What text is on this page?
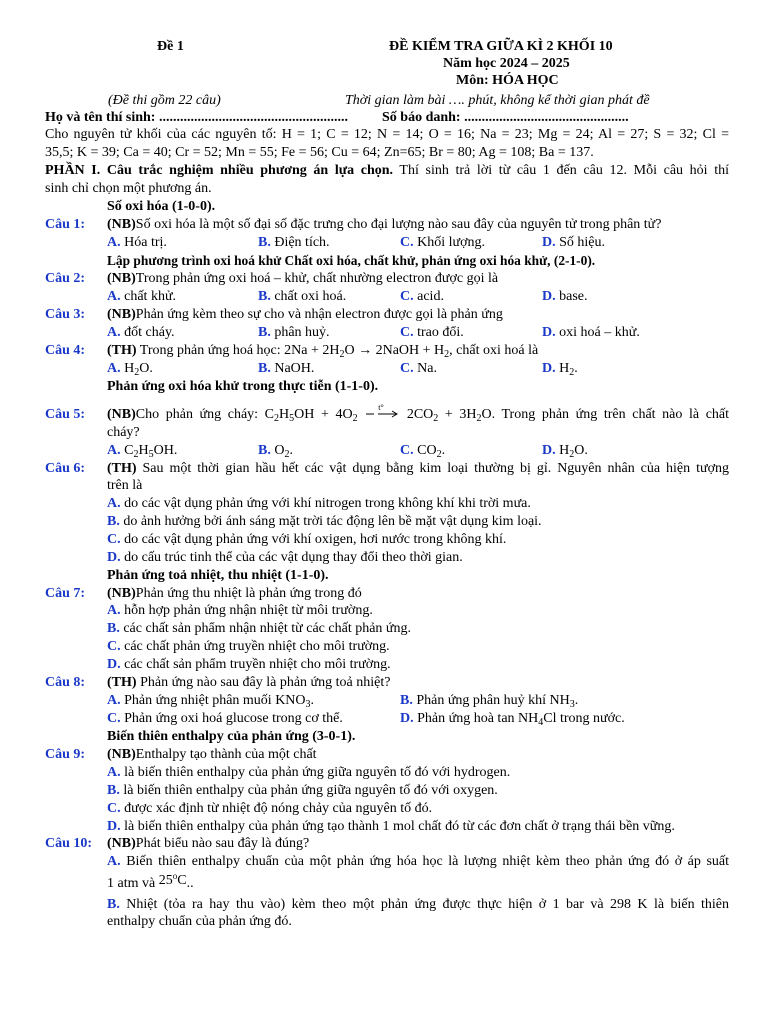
Đề 1	ĐỀ KIỂM TRA GIỮA KÌ 2 KHỐI 10
Năm học 2024 – 2025
Môn: HÓA HỌC
(Đề thi gồm 22 câu)	Thời gian làm bài …. phút, không kể thời gian phát đề
Họ và tên thí sinh: ...................................................... Số báo danh: ...............................................
Cho nguyên tử khối của các nguyên tố: H = 1; C = 12; N = 14; O = 16; Na = 23; Mg = 24; Al = 27; S = 32; Cl =
35,5; K = 39; Ca = 40; Cr = 52; Mn = 55; Fe = 56; Cu = 64; Zn=65; Br = 80; Ag = 108; Ba = 137.
PHẦN I. Câu trắc nghiệm nhiều phương án lựa chọn. Thí sinh trả lời từ câu 1 đến câu 12. Mỗi câu hỏi thí
sinh chỉ chọn một phương án.
Số oxi hóa (1-0-0).
Câu 1: (NB)Số oxi hóa là một số đại số đặc trưng cho đại lượng nào sau đây của nguyên tử trong phân tử?
A. Hóa trị.	B. Điện tích.	C. Khối lượng.	D. Số hiệu.
Lập phương trình oxi hoá khử Chất oxi hóa, chất khử, phản ứng oxi hóa khử, (2-1-0).
Câu 2: (NB)Trong phản ứng oxi hoá – khử, chất nhường electron được gọi là
A. chất khử.	B. chất oxi hoá.	C. acid.	D. base.
Câu 3: (NB)Phản ứng kèm theo sự cho và nhận electron được gọi là phản ứng
A. đốt cháy.	B. phân huỷ.	C. trao đổi.	D. oxi hoá – khử.
Câu 4: (TH) Trong phản ứng hoá học: $2Na + 2H_2O$ → 2NaOH + $H_2$, chất oxi hoá là
A. $H_2O$.	B. NaOH.	C. Na.	D. $H_2$.
Phản ứng oxi hóa khử trong thực tiễn (1-1-0).
Câu 5: (NB)Cho phản ứng cháy: $C_2H_5OH + 4O_2$
t° $2CO_2 + 3H_2O$. Trong phản ứng trên chất nào là chất
cháy?
A. $C_2H_5OH$.	B. $O_2$.	C. $CO_2$.	D. $H_2O$.
Câu 6: (TH) Sau một thời gian hầu hết các vật dụng bằng kim loại thường bị gỉ. Nguyên nhân của hiện tượng
trên là
A. do các vật dụng phản ứng với khí nitrogen trong không khí khi trời mưa.
B. do ảnh hưởng bởi ánh sáng mặt trời tác động lên bề mặt vật dụng kim loại.
C. do các vật dụng phản ứng với khí oxigen, hơi nước trong không khí.
D. do cấu trúc tinh thể của các vật dụng thay đổi theo thời gian.
Phản ứng toả nhiệt, thu nhiệt (1-1-0).
Câu 7: (NB)Phản ứng thu nhiệt là phản ứng trong đó
A. hỗn hợp phản ứng nhận nhiệt từ môi trường.
B. các chất sản phẩm nhận nhiệt từ các chất phản ứng.
C. các chất phản ứng truyền nhiệt cho môi trường.
D. các chất sản phẩm truyền nhiệt cho môi trường.
Câu 8: (TH) Phản ứng nào sau đây là phản ứng toả nhiệt?
A. Phản ứng nhiệt phân muối $KNO_3$.	B. Phản ứng phân huỷ khí $NH_3$.
C. Phản ứng oxi hoá glucose trong cơ thể.	D. Phản ứng hoà $\tan NH_4Cl$ trong nước.
Biến thiên enthalpy của phản ứng (3-0-1).
Câu 9: (NB)Enthalpy tạo thành của một chất
A. là biến thiên enthalpy của phản ứng giữa nguyên tố đó với hydrogen.
B. là biến thiên enthalpy của phản ứng giữa nguyên tố đó với oxygen.
C. được xác định từ nhiệt độ nóng chảy của nguyên tố đó.
D. là biến thiên enthalpy của phản ứng tạo thành 1 mol chất đó từ các đơn chất ở trạng thái bền vững.
Câu 10: (NB)Phát biểu nào sau đây là đúng?
A. Biến thiên enthalpy chuẩn của một phản ứng hóa học là lượng nhiệt kèm theo phản ứng đó ở áp suất
1 atm và 25$^o$C..
B. Nhiệt (tỏa ra hay thu vào) kèm theo một phản ứng được thực hiện ở 1 bar và 298 K là biến thiên
enthalpy chuẩn của phản ứng đó.
